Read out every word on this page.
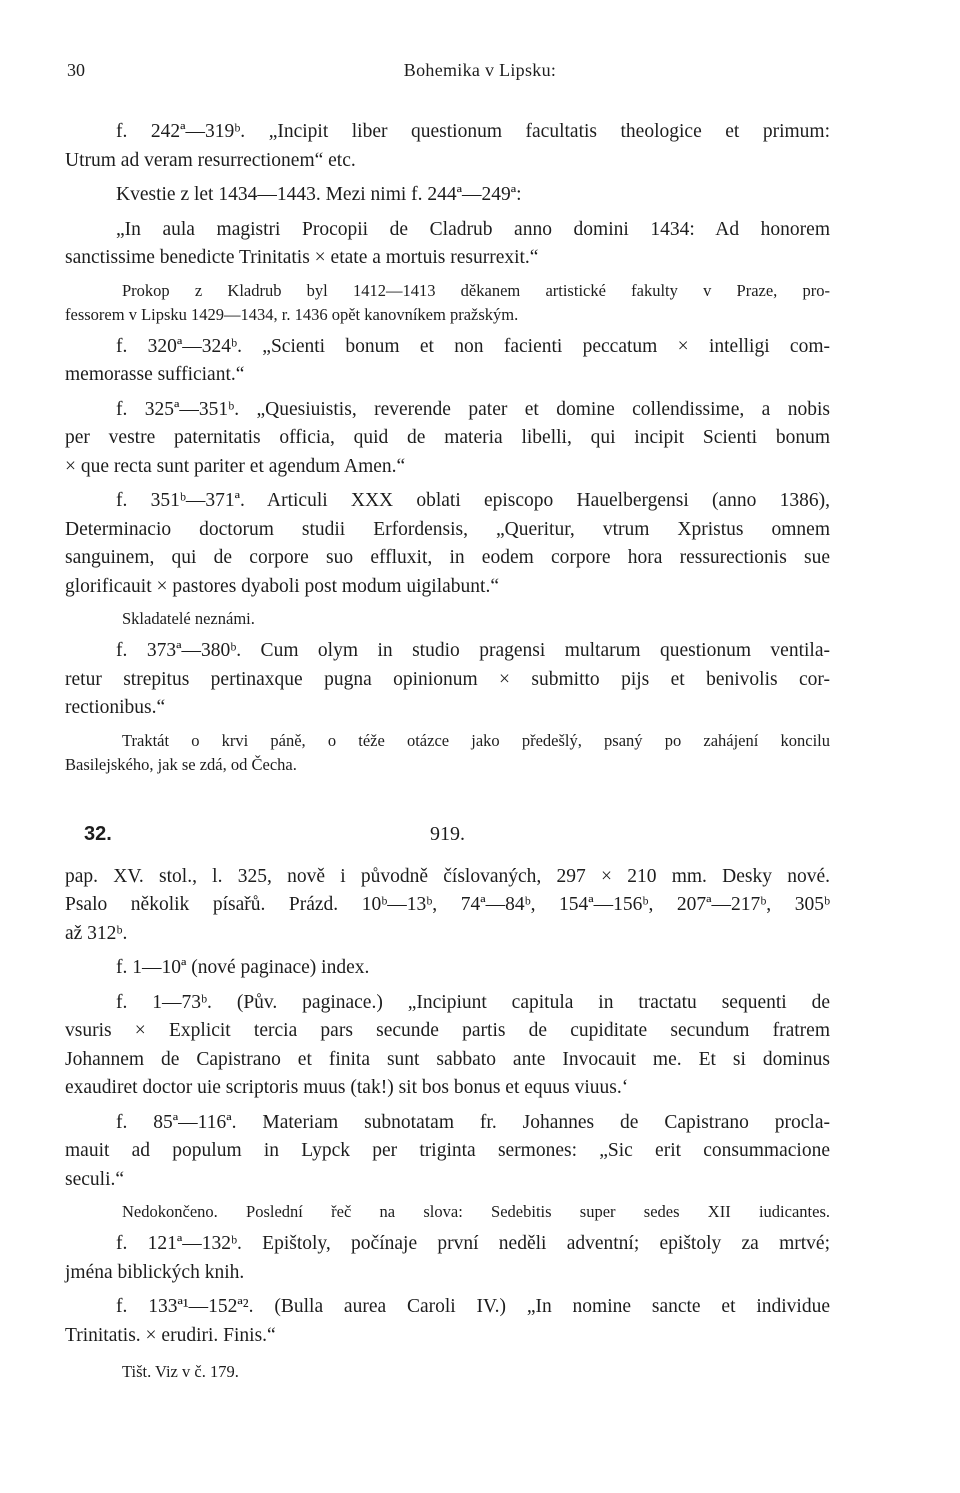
30	Bohemika v Lipsku:
f. 242ª—319ᵇ. „Incipit liber questionum facultatis theologice et primum:
Utrum ad veram resurrectionem“ etc.
Kvestie z let 1434—1443. Mezi nimi f. 244ª—249ª:
„In aula magistri Procopii de Cladrub anno domini 1434: Ad honorem
sanctissime benedicte Trinitatis × etate a mortuis resurrexit.“
Prokop z Kladrub byl 1412—1413 děkanem artistické fakulty v Praze, pro-
fessorem v Lipsku 1429—1434, r. 1436 opět kanovníkem pražským.
f. 320ª—324ᵇ. „Scienti bonum et non facienti peccatum × intelligi com-
memorasse sufficiant.“
f. 325ª—351ᵇ. „Quesiuistis, reverende pater et domine collendissime, a nobis
per vestre paternitatis officia, quid de materia libelli, qui incipit Scienti bonum
× que recta sunt pariter et agendum Amen.“
f. 351ᵇ—371ª. Articuli XXX oblati episcopo Hauelbergensi (anno 1386),
Determinacio doctorum studii Erfordensis, „Queritur, vtrum Xpristus omnem
sanguinem, qui de corpore suo effluxit, in eodem corpore hora ressurectionis sue
glorificauit × pastores dyaboli post modum uigilabunt.“
Skladatelé neznámi.
f. 373ª—380ᵇ. Cum olym in studio pragensi multarum questionum ventila-
retur strepitus pertinaxque pugna opinionum × submitto pijs et benivolis cor-
rectionibus.“
Traktát o krvi páně, o téže otázce jako předešlý, psaný po zahájení koncilu
Basilejského, jak se zdá, od Čecha.
32.	919.
pap. XV. stol., l. 325, nově i původně číslovaných, 297 × 210 mm. Desky nové.
Psalo několik písařů. Prázd. 10ᵇ—13ᵇ, 74ª—84ᵇ, 154ª—156ᵇ, 207ª—217ᵇ, 305ᵇ
až 312ᵇ.
f. 1—10ª (nové paginace) index.
f. 1—73ᵇ. (Pův. paginace.) „Incipiunt capitula in tractatu sequenti de
vsuris × Explicit tercia pars secunde partis de cupiditate secundum fratrem
Johannem de Capistrano et finita sunt sabbato ante Invocauit me. Et si dominus
exaudiret doctor uie scriptoris muus (tak!) sit bos bonus et equus viuus.‘
f. 85ª—116ª. Materiam subnotatam fr. Johannes de Capistrano procla-
mauit ad populum in Lypck per triginta sermones: „Sic erit consummacione
seculi.“
Nedokončeno. Poslední řeč na slova: Sedebitis super sedes XII iudicantes.
f. 121ª—132ᵇ. Epištoly, počínaje první neděli adventní; epištoly za mrtvé;
jména biblických knih.
f. 133ª¹—152ª². (Bulla aurea Caroli IV.) „In nomine sancte et individue
Trinitatis. × erudiri. Finis.“
Tišt. Viz v č. 179.
